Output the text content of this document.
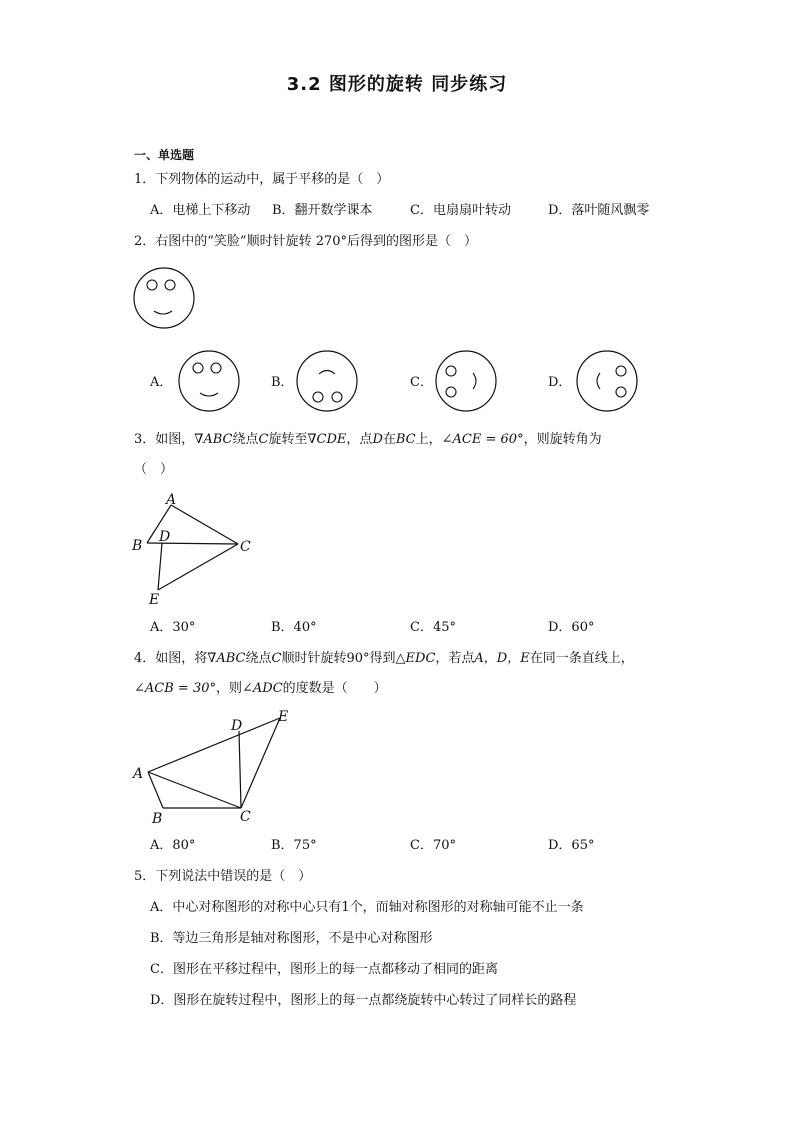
3.2 图形的旋转 同步练习
一、单选题
1．下列物体的运动中，属于平移的是（　）
A．电梯上下移动 B．翻开数学课本	C．电扇扇叶转动	D．落叶随风飘零
2．右图中的“笑脸”顺时针旋转 270°后得到的图形是（　）
A．	B．	C．	D．
3．如图，∇ABC绕点C旋转至∇CDE，点D在BC上，∠ACE = 60°，则旋转角为
（　）
A
B
D
C
E
A．30°	B．40°	C．45°	D．60°
4．如图，将∇ABC绕点C顺时针旋转90°得到△EDC，若点A，D，E在同一条直线上，
∠ACB = 30°，则∠ADC的度数是（　　）
D
E
A
B	C
A．80°	B．75°	C．70°	D．65°
5．下列说法中错误的是（　）
A．中心对称图形的对称中心只有1个，而轴对称图形的对称轴可能不止一条
B．等边三角形是轴对称图形，不是中心对称图形
C．图形在平移过程中，图形上的每一点都移动了相同的距离
D．图形在旋转过程中，图形上的每一点都绕旋转中心转过了同样长的路程
